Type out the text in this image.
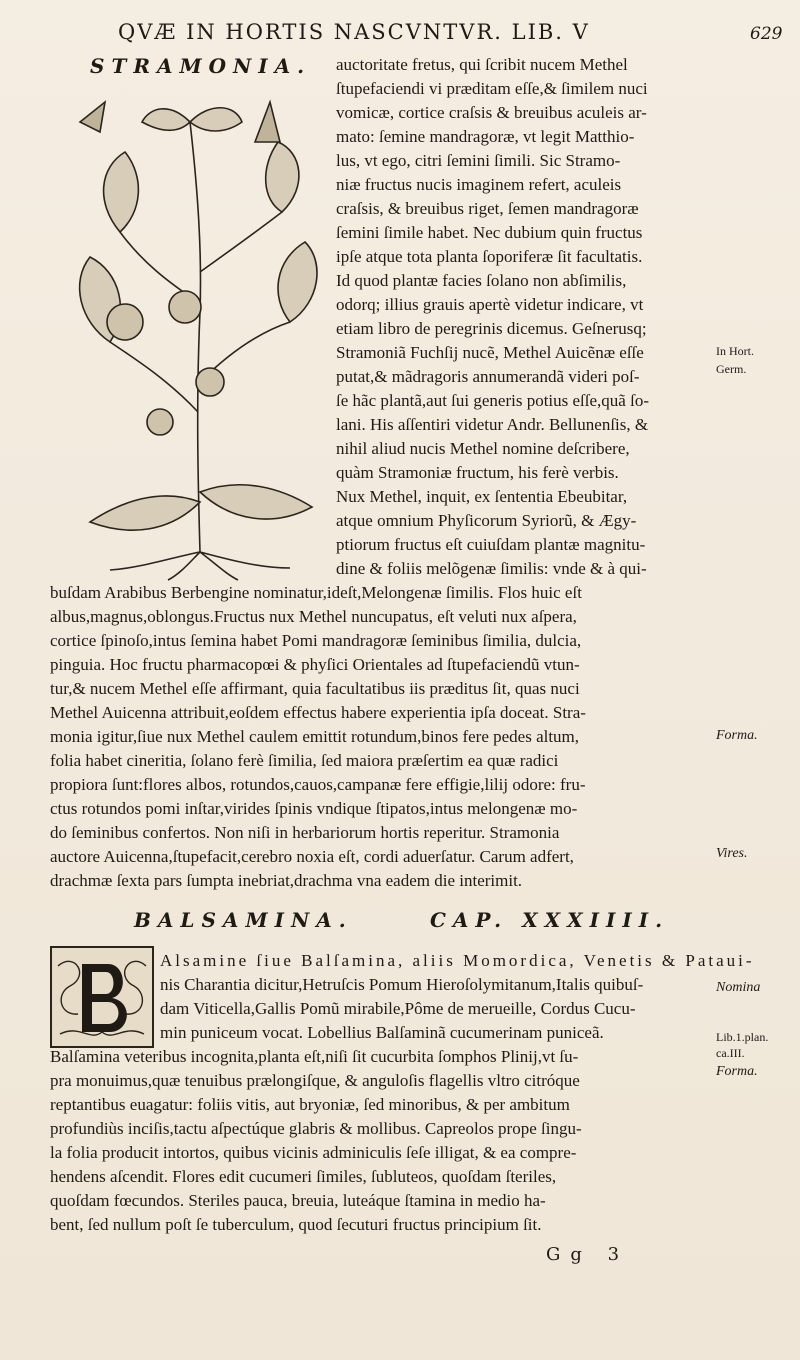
QVÆ IN HORTIS NASCVNTVR. LIB. V	629
STRAMONIA. auctoritate fretus, qui ſcribit nucem Methel
ſtupefaciendi vi præditam eſſe,& ſimilem nuci
vomicæ, cortice craſsis & breuibus aculeis ar-
mato: ſemine mandragoræ, vt legit Matthio-
lus, vt ego, citri ſemini ſimili. Sic Stramo-
niæ fructus nucis imaginem refert, aculeis
craſsis, & breuibus riget, ſemen mandragoræ
ſemini ſimile habet. Nec dubium quin fructus
ipſe atque tota planta ſoporiferæ ſit facultatis.
Id quod plantæ facies ſolano non abſimilis,
odorq; illius grauis apertè videtur indicare, vt
etiam libro de peregrinis dicemus. Geſnerusq;
Stramoniã Fuchſij nucẽ, Methel Auicẽnæ eſſe
putat,& mãdragoris annumerandã videri poſ-
ſe hãc plantã,aut ſui generis potius eſſe,quã ſo-
lani. His aſſentiri videtur Andr. Bellunenſis, &
nihil aliud nucis Methel nomine deſcribere,
quàm Stramoniæ fructum, his ferè verbis.
Nux Methel, inquit, ex ſententia Ebeubitar,
atque omnium Phyſicorum Syriorũ, & Ægy-
ptiorum fructus eſt cuiuſdam plantæ magnitu-
dine & foliis melõgenæ ſimilis: vnde & à qui-
buſdam Arabibus Berbengine nominatur,ideſt,Melongenæ ſimilis. Flos huic eſt
albus,magnus,oblongus.Fructus nux Methel nuncupatus, eſt veluti nux aſpera,
cortice ſpinoſo,intus ſemina habet Pomi mandragoræ ſeminibus ſimilia, dulcia,
pinguia. Hoc fructu pharmacopœi & phyſici Orientales ad ſtupefaciendũ vtun-
tur,& nucem Methel eſſe affirmant, quia facultatibus iis præditus ſit, quas nuci
Methel Auicenna attribuit,eoſdem effectus habere experientia ipſa doceat. Stra-
monia igitur,ſiue nux Methel caulem emittit rotundum,binos fere pedes altum,
folia habet cineritia, ſolano ferè ſimilia, ſed maiora præſertim ea quæ radici
propiora ſunt:flores albos, rotundos,cauos,campanæ fere effigie,lilij odore: fru-
ctus rotundos pomi inſtar,virides ſpinis vndique ſtipatos,intus melongenæ mo-
do ſeminibus confertos. Non niſi in herbariorum hortis reperitur. Stramonia
auctore Auicenna,ſtupefacit,cerebro noxia eſt, cordi aduerſatur. Carum adfert,
drachmæ ſexta pars ſumpta inebriat,drachma vna eadem die interimit.
In Hort.
Germ.
Forma.
Vires.
BALSAMINA.	CAP. XXXIIII.
Alsamine ſiue Balſamina, aliis Momordica, Venetis & Pataui-
nis Charantia dicitur,Hetruſcis Pomum Hieroſolymitanum,Italis quibuſ-
dam Viticella,Gallis Pomũ mirabile,Pôme de merueille, Cordus Cucu-
min puniceum vocat. Lobellius Balſaminã cucumerinam puniceã.
Balſamina veteribus incognita,planta eſt,niſi ſit cucurbita ſomphos Plinij,vt ſu-
pra monuimus,quæ tenuibus prælongiſque, & anguloſis flagellis vltro citróque
reptantibus euagatur: foliis vitis, aut bryoniæ, ſed minoribus, & per ambitum
profundiùs inciſis,tactu aſpectúque glabris & mollibus. Capreolos prope ſingu-
la folia producit intortos, quibus vicinis adminiculis ſeſe illigat, & ea compre-
hendens aſcendit. Flores edit cucumeri ſimiles, ſubluteos, quoſdam ſteriles,
quoſdam fœcundos. Steriles pauca, breuia, luteáque ſtamina in medio ha-
bent, ſed nullum poſt ſe tuberculum, quod ſecuturi fructus principium ſit.
Nomina
Lib.1.plan.
ca.III.
Forma.
Gg 3
